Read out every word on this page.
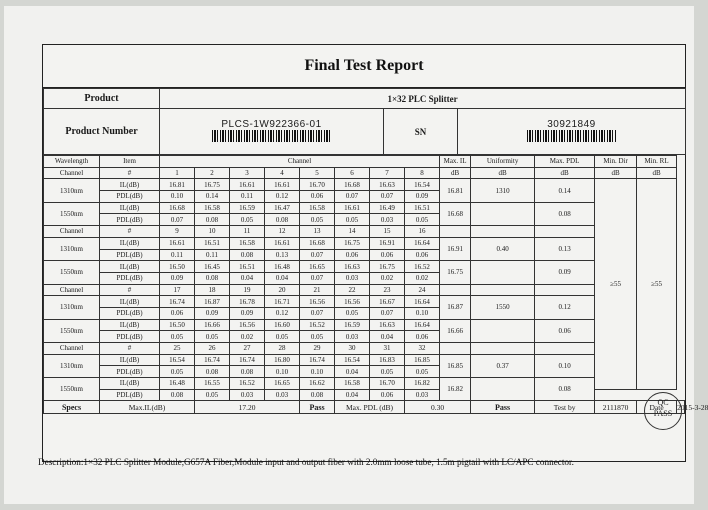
Final Test Report
Product	1×32 PLC Splitter		
Product Number	PLCS-1W922366-01	SN	30921849
Wavelength	Item	Channel								Max. IL	Uniformity	Max. PDL	Min. Dir	Min. RL	
Channel	#	1	2	3	4	5	6	7	8	dB	dB	dB	dB	dB	
1310nm	IL(dB)	16.81	16.75	16.61	16.61	16.70	16.68	16.63	16.54	16.81	1310	0.14	≥55	≥55	
	PDL(dB)	0.10	0.14	0.11	0.12	0.06	0.07	0.07	0.09						
1550nm	IL(dB)	16.68	16.58	16.59	16.47	16.58	16.61	16.49	16.51	16.68		0.08			
	PDL(dB)	0.07	0.08	0.05	0.08	0.05	0.05	0.03	0.05						
Channel	#	9	10	11	12	13	14	15	16						
1310nm	IL(dB)	16.61	16.51	16.58	16.61	16.68	16.75	16.91	16.64	16.91	0.40	0.13			
	PDL(dB)	0.11	0.11	0.08	0.13	0.07	0.06	0.06	0.06						
1550nm	IL(dB)	16.50	16.45	16.51	16.48	16.65	16.63	16.75	16.52	16.75		0.09			
	PDL(dB)	0.09	0.08	0.04	0.04	0.07	0.03	0.02	0.02						
Channel	#	17	18	19	20	21	22	23	24						
1310nm	IL(dB)	16.74	16.87	16.78	16.71	16.56	16.56	16.67	16.64	16.87	1550	0.12			
	PDL(dB)	0.06	0.09	0.09	0.12	0.07	0.05	0.07	0.10						
1550nm	IL(dB)	16.50	16.66	16.56	16.60	16.52	16.59	16.63	16.64	16.66		0.06			
	PDL(dB)	0.05	0.05	0.02	0.05	0.05	0.03	0.04	0.06						
Channel	#	25	26	27	28	29	30	31	32						
1310nm	IL(dB)	16.54	16.74	16.74	16.80	16.74	16.54	16.83	16.85	16.85	0.37	0.10			
	PDL(dB)	0.05	0.08	0.08	0.10	0.10	0.04	0.05	0.05						
1550nm	IL(dB)	16.48	16.55	16.52	16.65	16.62	16.58	16.70	16.82	16.82		0.08			
	PDL(dB)	0.08	0.05	0.03	0.03	0.08	0.04	0.06	0.03						
Specs	Max.IL(dB)		17.20			Pass	Max. PDL (dB)		0.30		Pass	Test by	2111870	Date	2015-3-28
QC
PASS
Description:1×32 PLC Splitter Module,G657A Fiber,Module input and output fiber with 2.0mm loose tube, 1.5m pigtail with LC/APC connector.
